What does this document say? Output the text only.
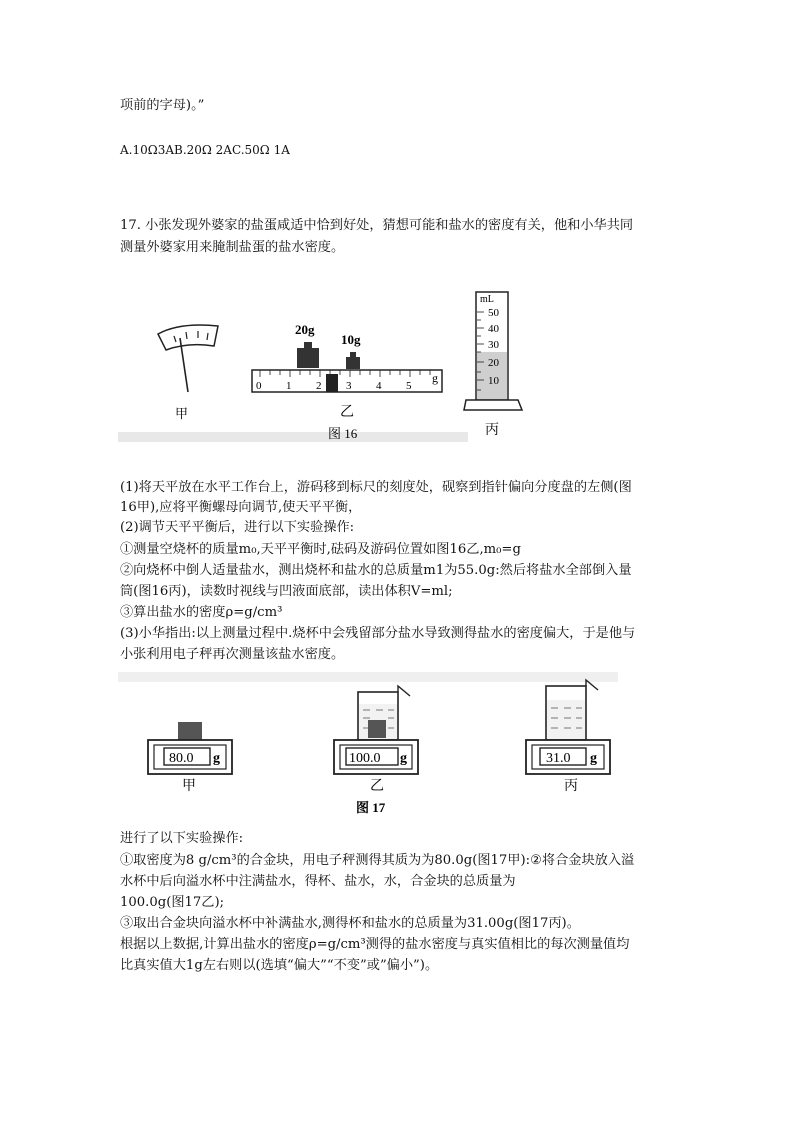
项前的字母)。”
A.10Ω3AB.20Ω 2AC.50Ω 1A
17. 小张发现外婆家的盐蛋咸适中恰到好处，猜想可能和盐水的密度有关，他和小华共同
测量外婆家用来腌制盐蛋的盐水密度。
甲
0 1 2 3 4 5
g
20g
10g
乙
图 16
mL
50
40
30
20
10
丙
(1)将天平放在水平工作台上，游码移到标尺的刻度处，砚察到指针偏向分度盘的左侧(图
16甲),应将平衡螺母向调节,使天平平衡，
(2)调节天平平衡后，进行以下实验操作:
①测量空烧杯的质量m₀,天平平衡时,砝码及游码位置如图16乙,m₀=g
②向烧杯中倒人适量盐水，测出烧杯和盐水的总质量m1为55.0g:然后将盐水全部倒入量
筒(图16丙)，读数时视线与凹液面底部，读出体积V=ml;
③算出盐水的密度ρ=g/cm³
(3)小华指出:以上测量过程中.烧杯中会残留部分盐水导致测得盐水的密度偏大，于是他与
小张利用电子秤再次测量该盐水密度。
80.0 g
甲
100.0 g
乙
图 17
31.0 g
丙
进行了以下实验操作:
①取密度为8 g/cm³的合金块，用电子秤测得其质为为80.0g(图17甲):②将合金块放入溢
水杯中后向溢水杯中注满盐水，得杯、盐水，水，合金块的总质量为
100.0g(图17乙);
③取出合金块向溢水杯中补满盐水,测得杯和盐水的总质量为31.00g(图17丙)。
根据以上数据,计算出盐水的密度ρ=g/cm³测得的盐水密度与真实值相比的每次测量值均
比真实值大1g左右则以(选填“偏大”“不变”或”偏小”)。
